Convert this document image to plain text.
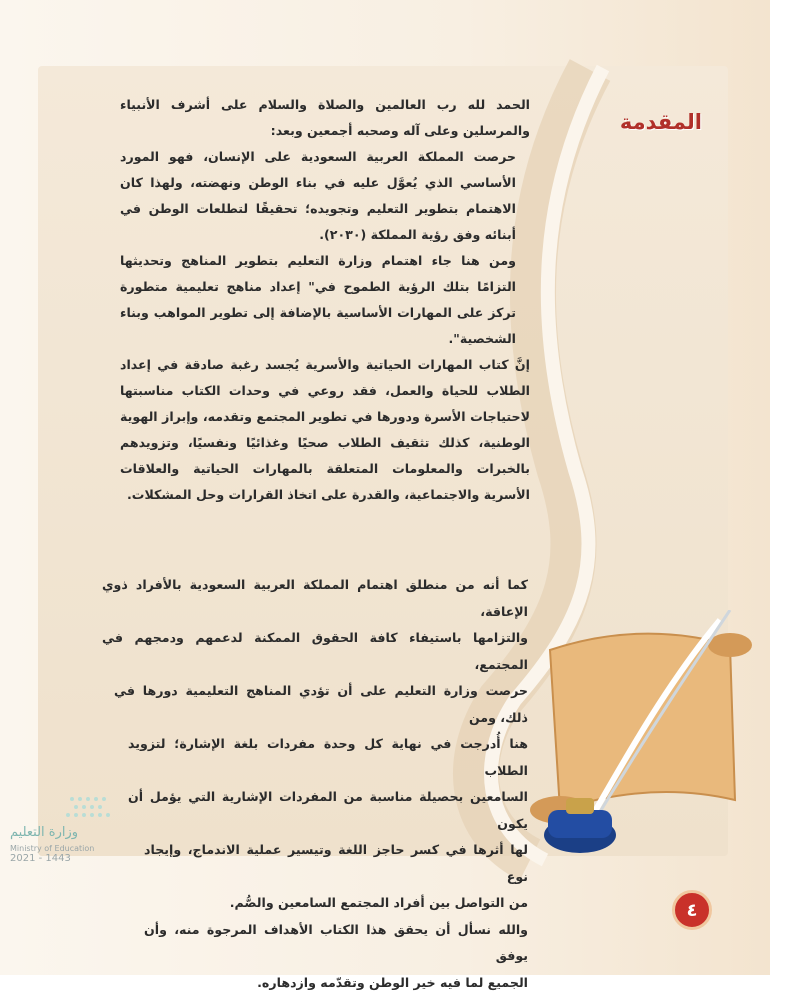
المقدمة

الحمد لله رب العالمين والصلاة والسلام على أشرف الأنبياء والمرسلين وعلى آله وصحبه أجمعين وبعد:

حرصت المملكة العربية السعودية على الإنسان، فهو المورد الأساسي الذي يُعوَّل عليه في بناء الوطن ونهضته، ولهذا كان الاهتمام بتطوير التعليم وتجويده؛ تحقيقًا لتطلعات الوطن في أبنائه وفق رؤية المملكة (٢٠٣٠).

ومن هنا جاء اهتمام وزارة التعليم بتطوير المناهج وتحديثها التزامًا بتلك الرؤية الطموح في" إعداد مناهج تعليمية متطورة تركز على المهارات الأساسية بالإضافة إلى تطوير المواهب وبناء الشخصية".

إنَّ كتاب المهارات الحياتية والأسرية يُجسد رغبة صادقة في إعداد الطلاب للحياة والعمل، فقد روعي في وحدات الكتاب مناسبتها لاحتياجات الأسرة ودورها في تطوير المجتمع وتقدمه، وإبراز الهوية الوطنية، كذلك تثقيف الطلاب صحيًا وغذائيًا ونفسيًا، وتزويدهم بالخبرات والمعلومات المتعلقة بالمهارات الحياتية والعلاقات الأسرية والاجتماعية، والقدرة على اتخاذ القرارات وحل المشكلات.

كما أنه من منطلق اهتمام المملكة العربية السعودية بالأفراد ذوي الإعاقة،

والتزامها باستيفاء كافة الحقوق الممكنة لدعمهم ودمجهم في المجتمع،

حرصت وزارة التعليم على أن تؤدي المناهج التعليمية دورها في ذلك، ومن

هنا أُدرجت في نهاية كل وحدة مفردات بلغة الإشارة؛ لتزويد الطلاب

السامعين بحصيلة مناسبة من المفردات الإشارية التي يؤمل أن يكون

لها أثرها في كسر حاجز اللغة وتيسير عملية الاندماج، وإيجاد نوع

من التواصل بين أفراد المجتمع السامعين والصُّم.

والله نسأل أن يحقق هذا الكتاب الأهداف المرجوة منه، وأن يوفق

الجميع لما فيه خير الوطن وتقدّمه وازدهاره.

وزارة التعليم
Ministry of Education
2021 - 1443
٤
